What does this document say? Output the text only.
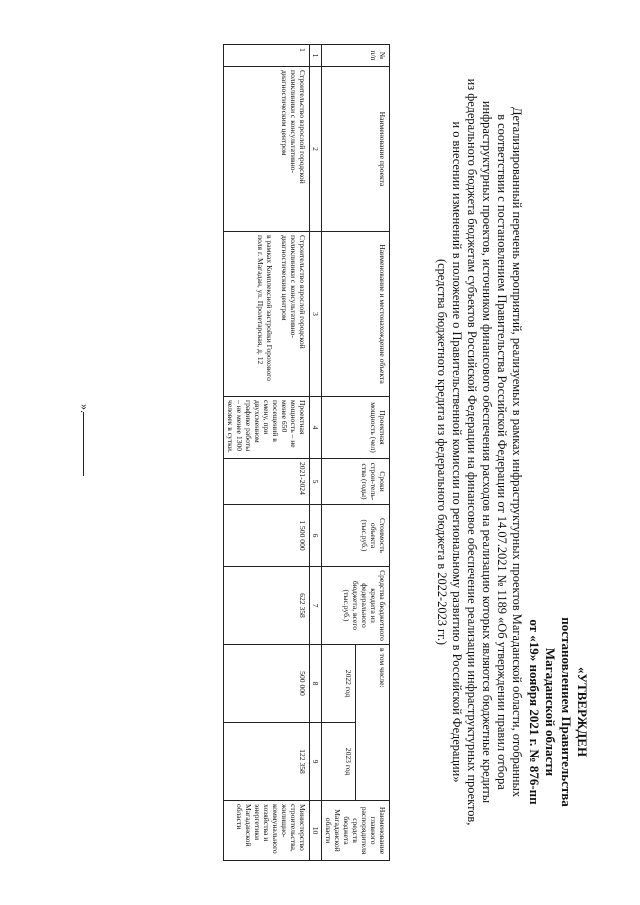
«УТВЕРЖДЕН
постановлением Правительства
Магаданской области
от «19» ноября 2021 г. № 876-пп
Детализированный перечень мероприятий, реализуемых в рамках инфраструктурных проектов Магаданской области, отобранных
в соответствии с постановлением Правительства Российской Федерации от 14.07.2021 № 1189 «Об утверждении правил отбора
инфраструктурных проектов, источником финансового обеспечения расходов на реализацию которых являются бюджетные кредиты
из федерального бюджета бюджетам субъектов Российской Федерации на финансовое обеспечение реализации инфраструктурных проектов,
и о внесении изменений в положение о Правительственной комиссии по региональному развитию в Российской Федерации»
(средства бюджетного кредита из федерального бюджета в 2022-2023 гг.)
№ п/п	Наименование проекта	Наименование и местонахождение объекта	Проектная мощность (чел)	Сроки строи-тель-ства (годы)	Стоимость объекта (тыс.руб.)	Средства бюджетного кредита из федерального бюджета, всего (тыс.руб.)	в том числе:		Наименование главного распорядителя средств бюджета Магаданской области
							2022 год	2023 год	
1	2	3	4	5	6	7	8	9	10
1	Строительство взрослой городской поликлиники с консультативно-диагностическим центром	Строительство взрослой городской поликлиники с консультативно-диагностическим центром
в рамках Комплексной застройки Горохового поля г. Магадан, ул. Пролетарская, д. 12	Проектная мощность – не менее 650 посещений в смену, при двухсменном графике работы – не менее 1300 человек в сутки.	2021-2024	1 500 000	622 358	500 000	122 358	Министерство строительства, жилищно-коммунального хозяйства и энергетики Магаданской области
».
